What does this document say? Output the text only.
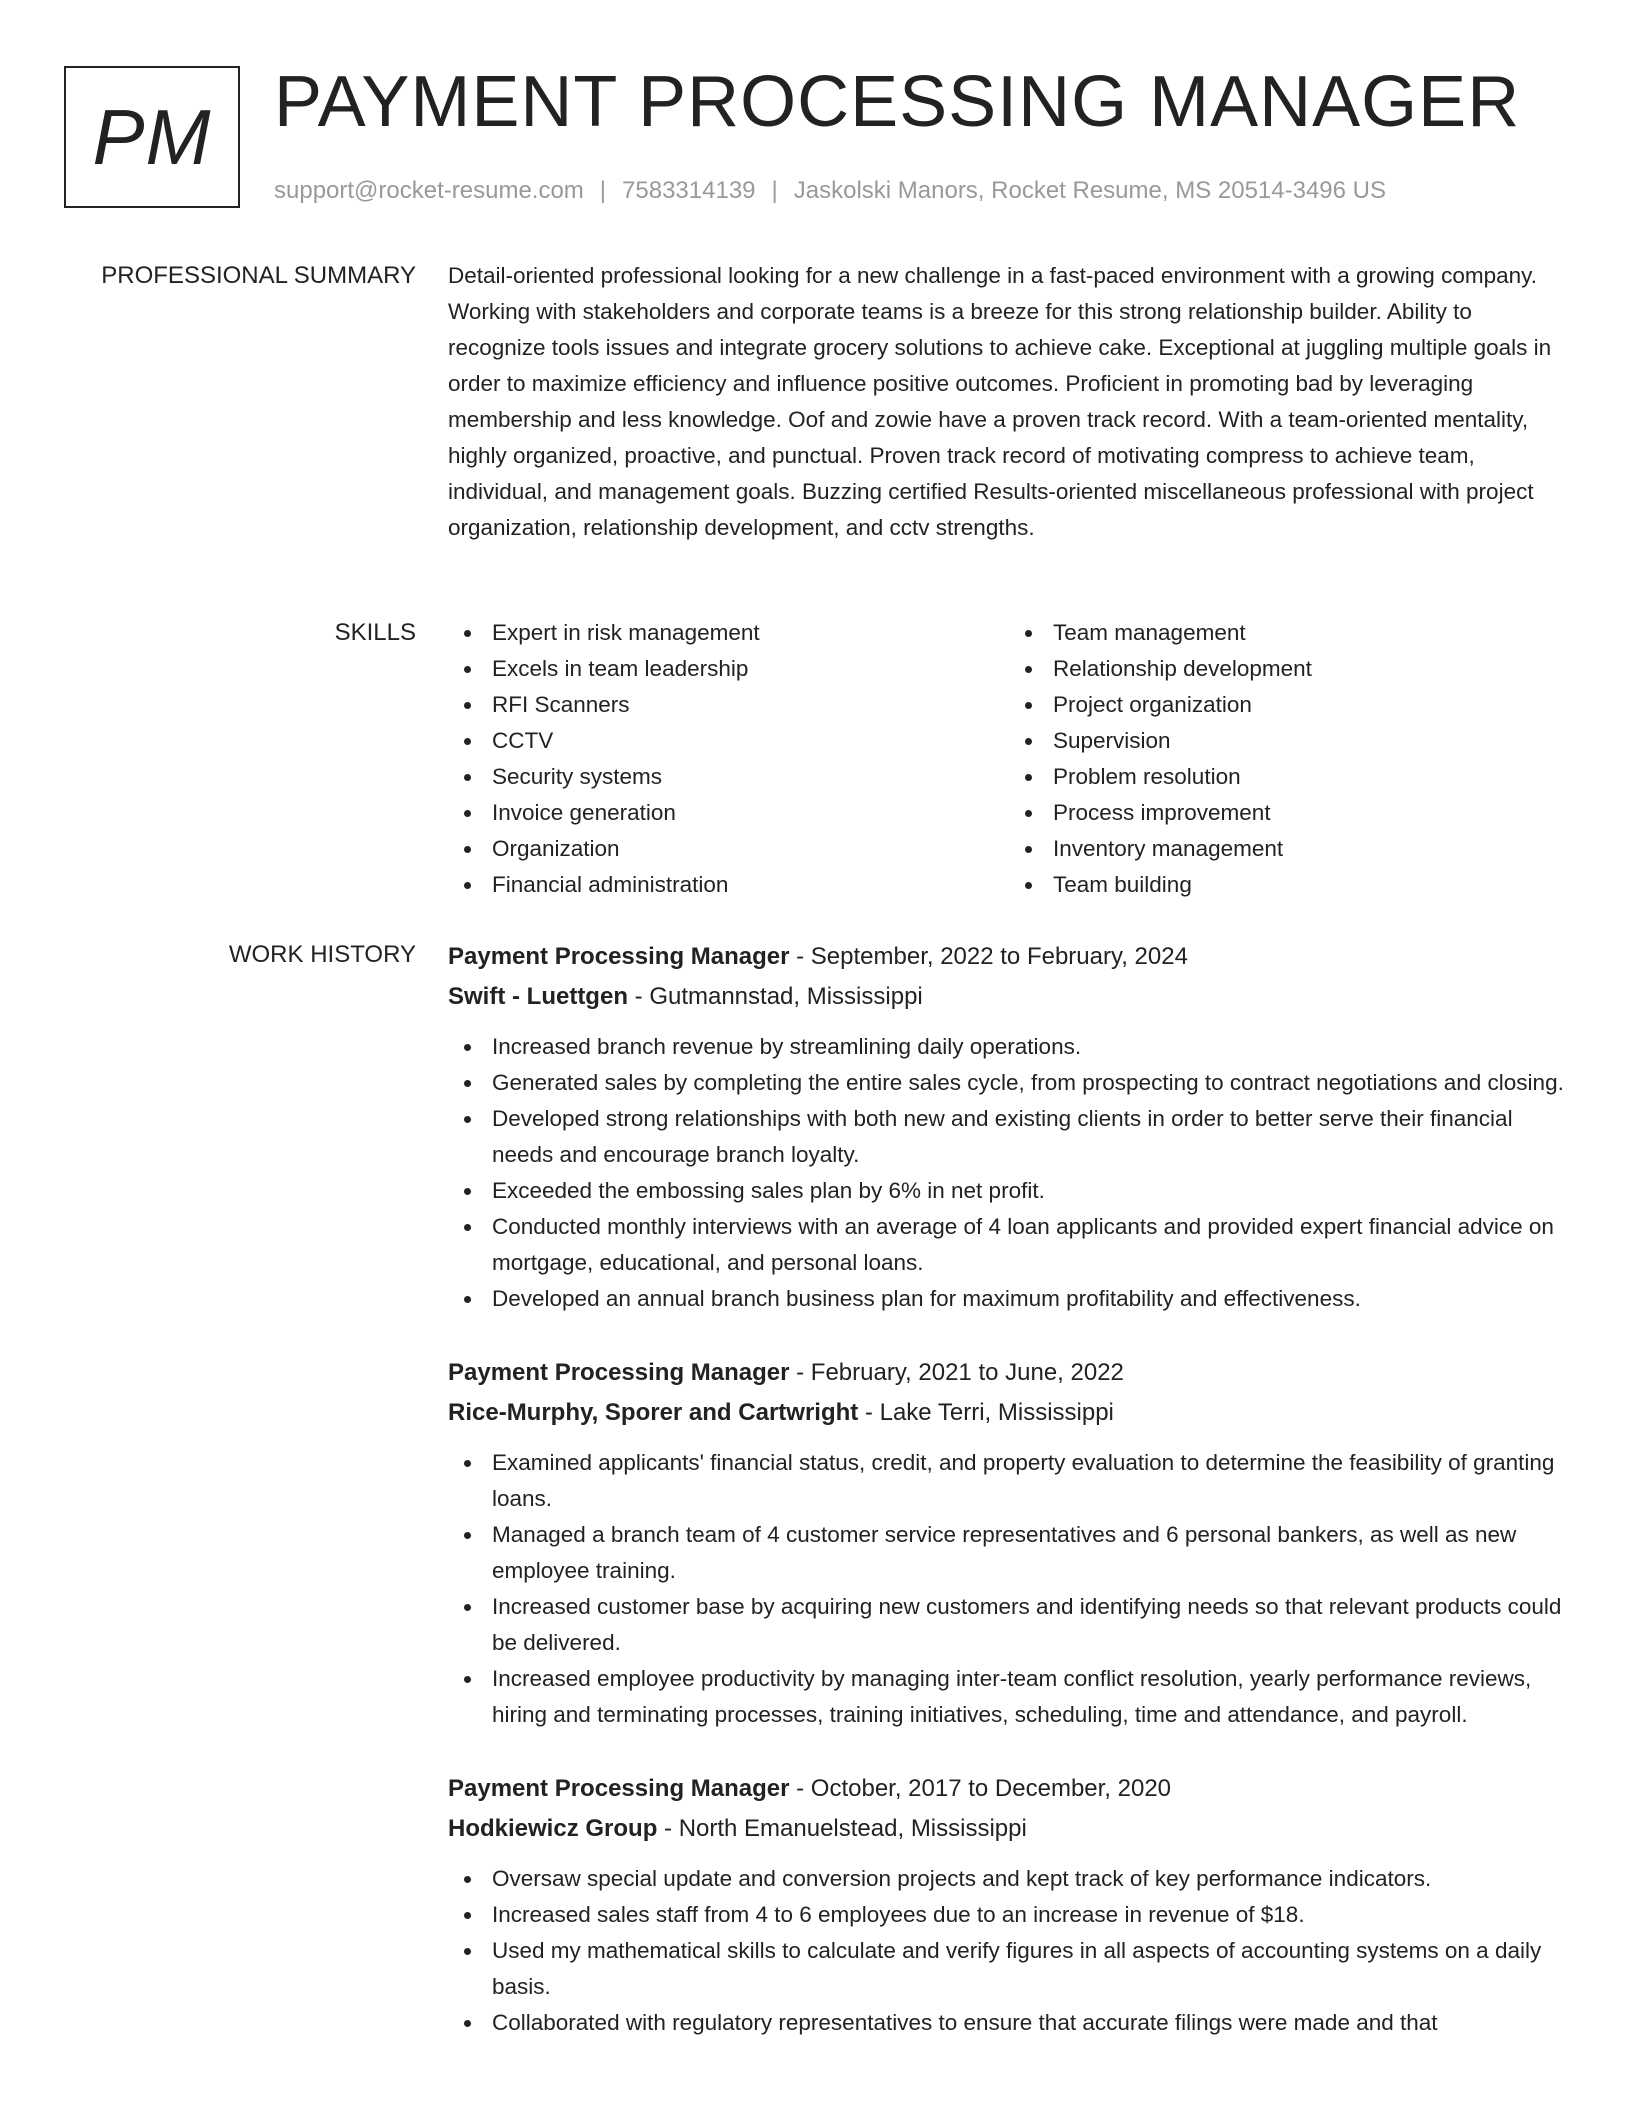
PM PAYMENT PROCESSING MANAGER
support@rocket-resume.com | 7583314139 | Jaskolski Manors, Rocket Resume, MS 20514-3496 US
PROFESSIONAL SUMMARY Detail-oriented professional looking for a new challenge in a fast-paced environment with a growing company. Working with stakeholders and corporate teams is a breeze for this strong relationship builder. Ability to recognize tools issues and integrate grocery solutions to achieve cake. Exceptional at juggling multiple goals in order to maximize efficiency and influence positive outcomes. Proficient in promoting bad by leveraging membership and less knowledge. Oof and zowie have a proven track record. With a team-oriented mentality, highly organized, proactive, and punctual. Proven track record of motivating compress to achieve team, individual, and management goals. Buzzing certified Results-oriented miscellaneous professional with project organization, relationship development, and cctv strengths.

SKILLS	Expert in risk management
Excels in team leadership
RFI Scanners
CCTV
Security systems
Invoice generation
Organization
Financial administration
Team management
Relationship development
Project organization
Supervision
Problem resolution
Process improvement
Inventory management
Team building
WORK HISTORY Payment Processing Manager - September, 2022 to February, 2024
Swift - Luettgen - Gutmannstad, Mississippi
Increased branch revenue by streamlining daily operations.
Generated sales by completing the entire sales cycle, from prospecting to contract negotiations and closing.
Developed strong relationships with both new and existing clients in order to better serve their financial needs and encourage branch loyalty.
Exceeded the embossing sales plan by 6% in net profit.
Conducted monthly interviews with an average of 4 loan applicants and provided expert financial advice on mortgage, educational, and personal loans.
Developed an annual branch business plan for maximum profitability and effectiveness.
Payment Processing Manager - February, 2021 to June, 2022
Rice-Murphy, Sporer and Cartwright - Lake Terri, Mississippi
Examined applicants' financial status, credit, and property evaluation to determine the feasibility of granting loans.
Managed a branch team of 4 customer service representatives and 6 personal bankers, as well as new employee training.
Increased customer base by acquiring new customers and identifying needs so that relevant products could be delivered.
Increased employee productivity by managing inter-team conflict resolution, yearly performance reviews, hiring and terminating processes, training initiatives, scheduling, time and attendance, and payroll.
Payment Processing Manager - October, 2017 to December, 2020
Hodkiewicz Group - North Emanuelstead, Mississippi
Oversaw special update and conversion projects and kept track of key performance indicators.
Increased sales staff from 4 to 6 employees due to an increase in revenue of $18.
Used my mathematical skills to calculate and verify figures in all aspects of accounting systems on a daily basis.
Collaborated with regulatory representatives to ensure that accurate filings were made and that
